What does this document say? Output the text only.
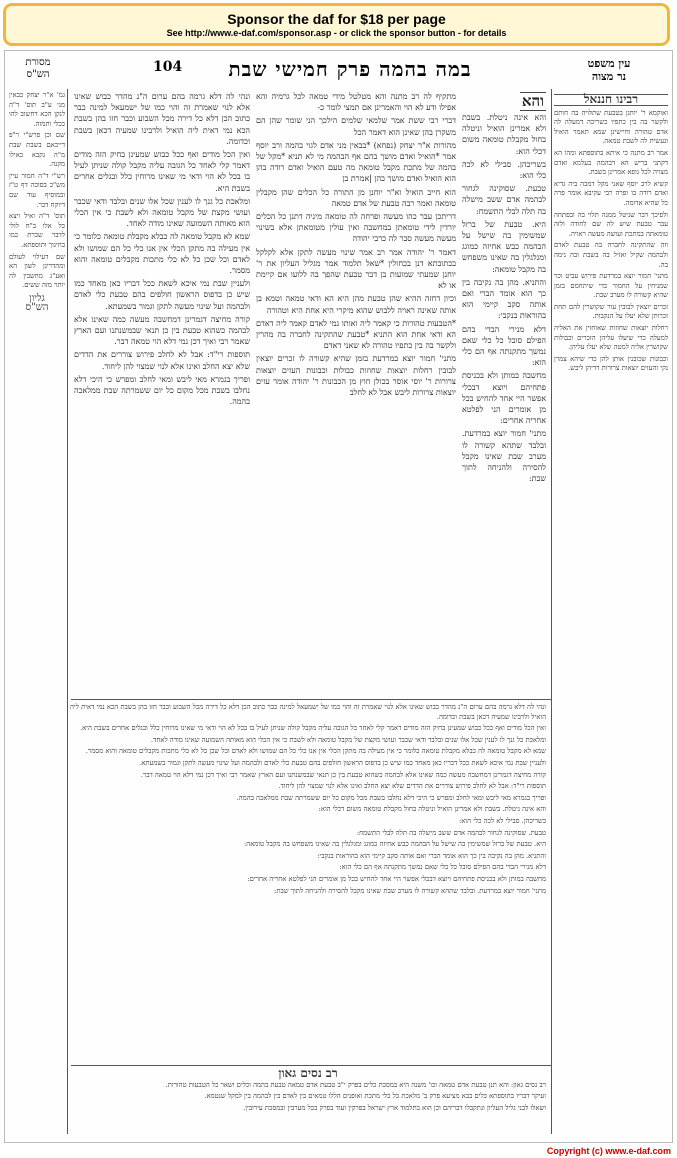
Sponsor the daf for $18 per page
See http://www.e-daf.com/sponsor.asp - or click the sponsor button - for details
עין משפט
נר מצוה
במה בהמה פרק חמישי שבת
104
מסורת
הש"ס
רבינו חננאל

ואוקמא ר' יוחנן בטבעת שתלויה בה חותם ולקשר בה בין כתפיו כשריכה דמעלה לה אדם טהורה וחיישינן שמא תאמר הואיל ונעשית לה לשבת טמאה.

אמר רב מתנה כי איתא בתוספתא ומהו הא דקתני בריש הא דבהמה בעלמא ואדם מצויה לכל גופא אמרינן בשבת.

קשיא לרב יוסף שאני מקל דמכה ביה גדיא ואדם רודה בו ופרה רבי עקיבא אומר פרה כל שהיא אדומה.

ולפיכך דבר שניטל ממנה תלוי בה ובפתחה עבר טבעת שיש לה שם לחודה ולזה טומאתה במתכת ועושה מעשה ראויה.

וזה שהתקינה לחברה בה טבעת לאדם ולבהמה שקיל ואזיל בה בשבת ובה נימה בה.

מתני' חמור יוצא במרדעת פירוש עביט וכר שמניחין על החמור כדי שיתחמם בזמן שהיא קשורה לו מערב שבת.

זכרים יוצאין לבובין עור שקושרין להם תחת זכרותן שלא יעלו על הנקבות.

רחלות יוצאות שחוזות שאוחזין את האליה למעלה כדי שיעלו עליהן הזכרים וכבולות שקושרין אליה למטה שלא יעלו עליהן.

וכבונות שכובנין אותן להן כדי שיהא צמרן נקי והעזים יוצאות צרורות דדיהן ליבש.

והא

והא אינה ניטלת. בשבת ולא אמרינן הואיל וניטלה בחול מקבלת טומאה משום דכלי הוא:

בשריכהן. סבילי לא לכה כלי הוא:

טבעת. שסוקינה לגחור לבהמה אדם ששב מישלה בה תלה לבלי התשמח:

היא. טבעת של ברזל שמשימין בה שישל על הבהמה כבש אחיזה כמוגג ומגלגלין בה שאינו משפחש בה מקבל טומאה:

והתניא. מהן בה נקיבה בין כך הוא אומד הברי ואם אותה סקב קיימי הוא בהוראות בנקבי:

דלא מנירי הבדי בהם הפילם סובל כל כלי שאם נמשך מתקנתה אף הם כלי הוא:

מחשבה במותן ולא בכניסת פתחיהם ויוצא דבכלי אפשר היי אחד להחיש בכל מן אומרים הני לפלטא אחריה אחרים:

מתני' חמור יוצא במרדעת. ובלבד שתהא קשורה לו מערב שבת שאינו מקבל להסירה ולהניחה לתוך שבת:

מתקיף לה רב מתנה והא מטלטל מידי טמאה לכל גרמיה והא אפילו ודע לא הוי והאמרינן אם תמצי לומר כ-

דברי רבי ששת אמר שלמאי שלמים הילכך הני שומר שהן הם משקרן בהן שאינן הוא דאמר הכל

מהורות א"ר יצחק (נפחא) *בבאין מני אדם לגוי בהמה ורב יוסף אמר *הואיל ואדם מושך בהם אף הבהמה מי לא תניא *מקל של בהמה של מתכת מקבל טומאה מה טעם הואיל ואדם רודה בהן הוא הואיל ואדם מושך בהן |אמרת בן

הוא חייב הואיל וא"ר יוחנן מן התורה כל הכלים שהן מקבלין טומאה ואמר רבה טבעת של אדם טמאה

דריתכן עבר כהו מעשה ופרחה לה טומאה מיניה דתנן כל הכלים יורדין לידי טומאתן במחשבה ואין עולין מטומאתן אלא בשינוי מעשה מעשה סבר לה כרבי יהודה

דאמר ר' יהודה אמר רב אמר שינוי מעשה לתקן אלא לקלקל בכתובתא דנן בכחולין *שאל תלמוד אמר מגליל העליון את ר' יוחנן שמעתי שמועות בן דבר טבעת שהפך בה ללועו אם קיימת או לא

וכיון דחזה ההיא שהן טבעת מהן היא הא ודאי טמאה וטמא בן אותה שאינה ראויה ללבוש שהוא מיקרי היא אחת היא וטהורה

*הטבעות טהורות כי קאמר ליה ואותו נמי לאדם קאמר ליה דאדם הא ודאי אחת הוא התניא *טבעת שהתקינה לחברה בה מהרין ולקשר בה בין כתפיו טהורה לא שאני דאדם

מתני' חמור יוצא במרדעת בזמן שהיא קשורה לו זכרים יוצאין לבובין רחלות יוצאות שחוזות כבולות וכבונות העזים יוצאות צרורות ר' יוסי אוסר בכולן חוץ מן הכבונות ר' יהודה אומר עזים יוצאות צרורות ליבש אבל לא לחלב

ונהי לה דלא גרמה בהם ערום ה"נ מהדר כבוש שאינו אלא לנוי שאמרת זה והוי כמו של ישמעאל למינה כבר כתוב הכן דלא כל דירה מכל השבוע וכבר חזו בהן בשבת הכא נמי דאית ליה הואיל ולרבינו שמעיה דכאן בשבת וכדומה.

ואין הכל מודים ואף ככל כבוש שמעינן בחיק הזה מודים דאמר קלי לאחד כל הגובה עליה מקבל קולה שניתן לעיל בו בכל לא הוי ודאי מי שאינו מרוחין כלל ובגלים אחרים בשבת היא.

ומלאכת כל גנך לו לענין שכל אלו שנים ובלבד ודאי שכבר ועושי מקצת של מקבל טומאה ולא לשבת כי אין הכלי הוא מאותה השמועה שאינו מודה לאחד.

שמא לא מקבל טומאה לה כבלא מקבלת טומאה כלומר כי אין מעילה בה מתקן הכלי אין אנו כלי כל הם שמושו ולא לאדם וכל שכן כל לא כלי מתכות מקבלים טומאה והוא מסמר.

ולעניין שבת נמי איכא לשאת ככל דבריו כאן מאחד כמו שיש כן בדפוס הראשון חולפים בהם טבעת כלי לאדם ולבהמה ועל שינוי מעשה לתקן וגמור בשמעתא.

קורה מחיצה דגמרינן דמחשבה מעשה כמה שאינו אלא לבהמה כשהוא טבעת בין כן תנאי שבמשנתנו ועם הארץ שאמר רבי ואיך דכן נמי דלא הוי טמאה דבר.

תוספות רי"ד: אבל לא לחלב פירוש צוררים את הדדים שלא יצא החלב ואינו אלא לנוי שמצוי להן ליחוד.

ופריך בגמרא מאי ליבש ומאי לחלב ומפרש כי היכי דלא נחלבו בשבת מכל מקום כל יום ששמרתה שבת ממלאכה בהמה.

גמ' א"ר יצחק כבאין מני ע"ב תוס' ד"ה לנקן הכא דחשוב להו ככלי ותמוה.

שם וכן פרש"י ר"פ דייכאם בשבת שבת מ"ה נקבא כאילו מקנה.

רש"י ד"ה חמור עיין מש"כ בסוכה דף ט"ז ובמוסיף עוד שם דיוקח דבר.

תוס' ד"ה ואיל ויצא כל אלו ב"ח לולי לדבר שכרת כמו בחינוך ותוספתא.

שם דעילוי לעולם ומהדרינן לשון הא ואע"ג מחשבין לה יותר מזה ששים.

גליון
הש"ס

ונהי לה דלא גרמה בהם ערום ה"נ מהדר כבוש שאינו אלא לנוי שאמרת זה והוי כמו של ישמעאל למינה כבר כתוב הכן דלא כל דירה מכל השבוע וכבר חזו בהן בשבת הכא נמי דאית ליה הואיל ולרבינו שמעיה דכאן בשבת וכדומה.

ואין הכל מודים ואף ככל כבוש שמעינן בחיק הזה מודים דאמר קלי לאחד כל הגובה עליה מקבל קולה שניתן לעיל בו בכל לא הוי ודאי מי שאינו מרוחין כלל ובגלים אחרים בשבת היא.

ומלאכת כל גנך לו לענין שכל אלו שנים ובלבד ודאי שכבר ועושי מקצת של מקבל טומאה ולא לשבת כי אין הכלי הוא מאותה השמועה שאינו מודה לאחד.

שמא לא מקבל טומאה לה כבלא מקבלת טומאה כלומר כי אין מעילה בה מתקן הכלי אין אנו כלי כל הם שמושו ולא לאדם וכל שכן כל לא כלי מתכות מקבלים טומאה והוא מסמר.

ולעניין שבת נמי איכא לשאת ככל דבריו כאן מאחד כמו שיש כן בדפוס הראשון חולפים בהם טבעת כלי לאדם ולבהמה ועל שינוי מעשה לתקן וגמור בשמעתא.

קורה מחיצה דגמרינן דמחשבה מעשה כמה שאינו אלא לבהמה כשהוא טבעת בין כן תנאי שבמשנתנו ועם הארץ שאמר רבי ואיך דכן נמי דלא הוי טמאה דבר.

תוספות רי"ד: אבל לא לחלב פירוש צוררים את הדדים שלא יצא החלב ואינו אלא לנוי שמצוי להן ליחוד.

ופריך בגמרא מאי ליבש ומאי לחלב ומפרש כי היכי דלא נחלבו בשבת מכל מקום כל יום ששמרתה שבת ממלאכה בהמה.

והא אינה ניטלת. בשבת ולא אמרינן הואיל וניטלה בחול מקבלת טומאה משום דכלי הוא:

בשריכהן. סבילי לא לכה כלי הוא:

טבעת. שסוקינה לגחור לבהמה אדם ששב מישלה בה תלה לבלי התשמח:

היא. טבעת של ברזל שמשימין בה שישל על הבהמה כבש אחיזה כמוגג ומגלגלין בה שאינו משפחש בה מקבל טומאה:

והתניא. מהן בה נקיבה בין כך הוא אומד הברי ואם אותה סקב קיימי הוא בהוראות בנקבי:

דלא מנירי הבדי בהם הפילם סובל כל כלי שאם נמשך מתקנתה אף הם כלי הוא:

מחשבה במותן ולא בכניסת פתחיהם ויוצא דבכלי אפשר היי אחד להחיש בכל מן אומרים הני לפלטא אחריה אחרים:

מתני' חמור יוצא במרדעת. ובלבד שתהא קשורה לו מערב שבת שאינו מקבל להסירה ולהניחה לתוך שבת:

רב נסים גאון

רב נסים גאון: והא תנן טבעת אדם טמאה וכו' משנה היא במסכת כלים בפרק י"ב טבעת אדם טמאה טבעת בהמה וכלים ושאר כל הטבעות טהורות.

ועיקר דבריו בתוספתא כלים בבא מציעא פרק ב' מלאכת כל כלי מתכת ואופנים הללו טמאים בין לאדם בין לבהמה בין למקל שנטמא.

ושאלו לבני גליל העליון ונתקבלו דבריהם וכן הוא בתלמוד ארץ ישראל בפרקין ועוד בפרק בכל מערבין ובמסכת עירובין.

Copyright (c) www.e-daf.com
